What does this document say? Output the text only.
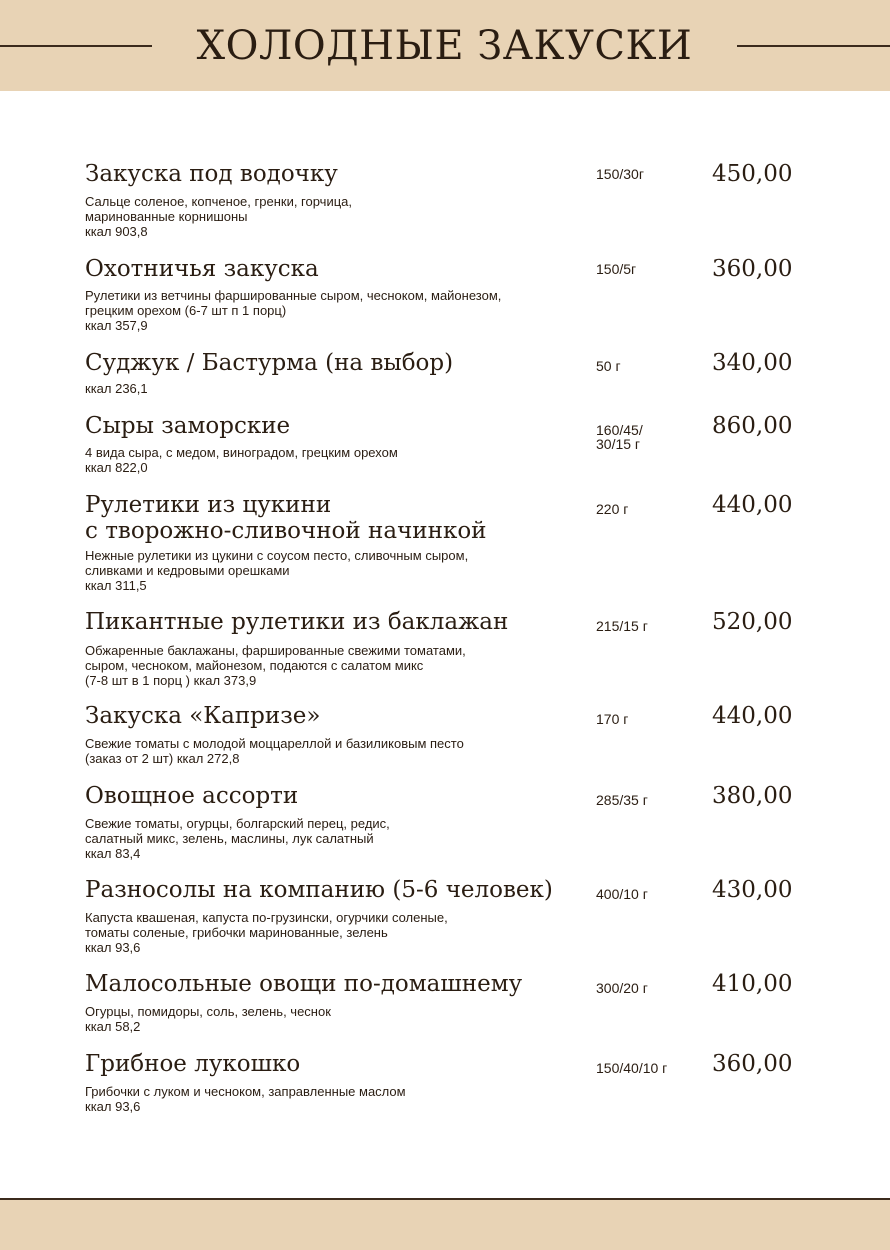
ХОЛОДНЫЕ ЗАКУСКИ
Закуска под водочку
Сальце соленое, копченое, гренки, горчица,
маринованные корнишоны
ккал 903,8
150/30г	450,00
Охотничья закуска
Рулетики из ветчины фаршированные сыром, чесноком, майонезом,
грецким орехом (6-7 шт п 1 порц)
ккал 357,9
150/5г	360,00
Суджук / Бастурма (на выбор)
ккал 236,1
50 г	340,00
Сыры заморские
4 вида сыра, с медом, виноградом, грецким орехом
ккал 822,0
160/45/
30/15 г
860,00
Рулетики из цукини
с творожно-сливочной начинкой
Нежные рулетики из цукини с соусом песто, сливочным сыром,
сливками и кедровыми орешками
ккал 311,5
220 г	440,00
Пикантные рулетики из баклажан
Обжаренные баклажаны, фаршированные свежими томатами,
сыром, чесноком, майонезом, подаются с салатом микс
(7-8 шт в 1 порц ) ккал 373,9
215/15 г	520,00
Закуска «Капризе»
Свежие томаты с молодой моццареллой и базиликовым песто
(заказ от 2 шт) ккал 272,8
170 г	440,00
Овощное ассорти
Свежие томаты, огурцы, болгарский перец, редис,
салатный микс, зелень, маслины, лук салатный
ккал 83,4
285/35 г	380,00
Разносолы на компанию (5-6 человек)
Капуста квашеная, капуста по-грузински, огурчики соленые,
томаты соленые, грибочки маринованные, зелень
ккал 93,6
400/10 г	430,00
Малосольные овощи по-домашнему
Огурцы, помидоры, соль, зелень, чеснок
ккал 58,2
300/20 г	410,00
Грибное лукошко
Грибочки с луком и чесноком, заправленные маслом
ккал 93,6
150/40/10 г	360,00
